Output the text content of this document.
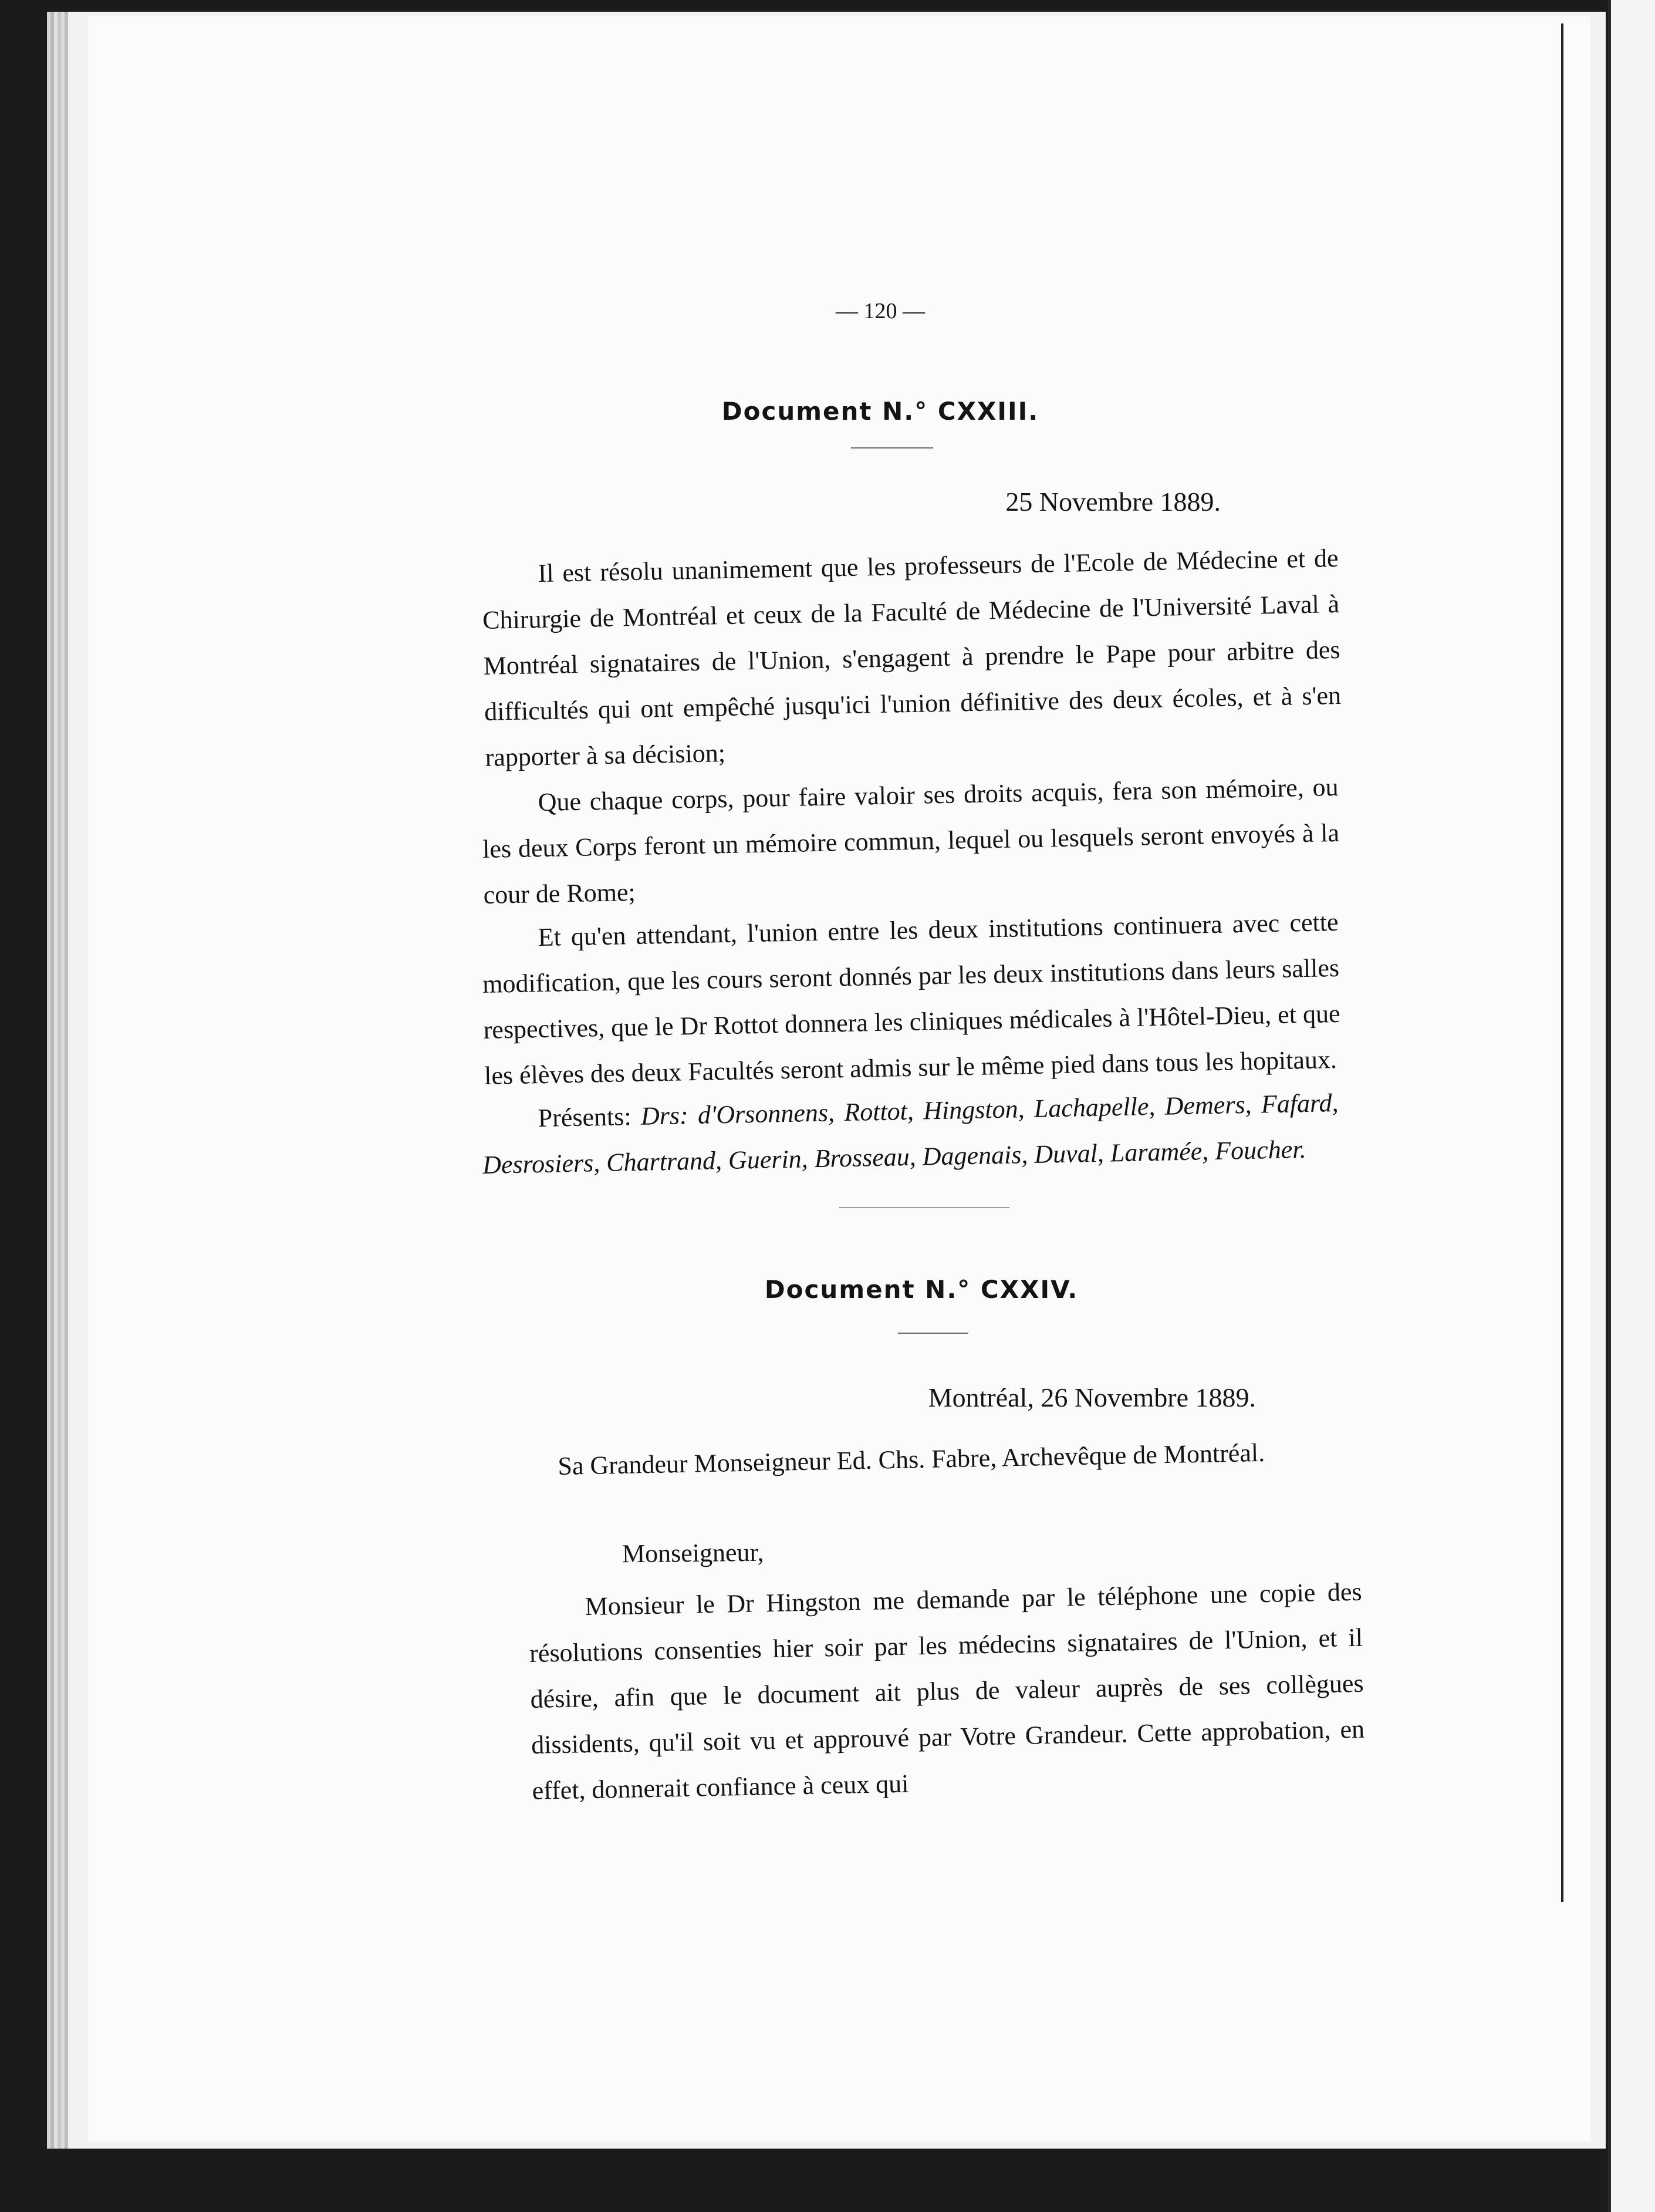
— 120 —
Document N.° CXXIII.
25 Novembre 1889.

Il est résolu unanimement que les professeurs de l'Ecole de Médecine et de Chirurgie de Montréal et ceux de la Faculté de Médecine de l'Université Laval à Montréal signataires de l'Union, s'engagent à prendre le Pape pour arbitre des difficultés qui ont empêché jusqu'ici l'union définitive des deux écoles, et à s'en rapporter à sa décision;

Que chaque corps, pour faire valoir ses droits acquis, fera son mémoire, ou les deux Corps feront un mémoire commun, lequel ou lesquels seront envoyés à la cour de Rome;

Et qu'en attendant, l'union entre les deux institutions continuera avec cette modification, que les cours seront donnés par les deux institutions dans leurs salles respectives, que le Dr Rottot donnera les cliniques médicales à l'Hôtel-Dieu, et que les élèves des deux Facultés seront admis sur le même pied dans tous les hopitaux.

Présents: Drs: d'Orsonnens, Rottot, Hingston, Lachapelle, Demers, Fafard, Desrosiers, Chartrand, Guerin, Brosseau, Dagenais, Duval, Laramée, Foucher.

Document N.° CXXIV.
Montréal, 26 Novembre 1889.
Sa Grandeur Monseigneur Ed. Chs. Fabre, Archevêque de Montréal.
Monseigneur,

Monsieur le Dr Hingston me demande par le téléphone une copie des résolutions consenties hier soir par les médecins signataires de l'Union, et il désire, afin que le document ait plus de valeur auprès de ses collègues dissidents, qu'il soit vu et approuvé par Votre Grandeur. Cette approbation, en effet, donnerait confiance à ceux qui
